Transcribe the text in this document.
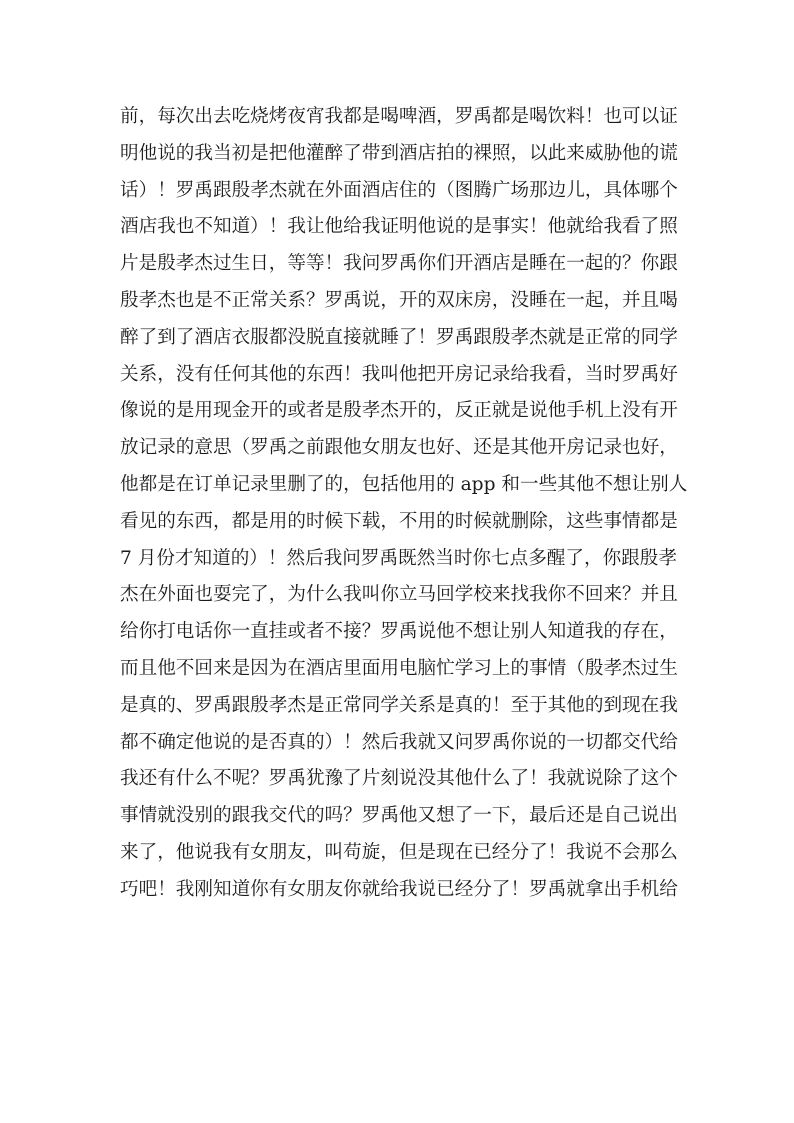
前，每次出去吃烧烤夜宵我都是喝啤酒，罗禹都是喝饮料！也可以证
明他说的我当初是把他灌醉了带到酒店拍的裸照，以此来威胁他的谎
话）！罗禹跟殷孝杰就在外面酒店住的（图腾广场那边儿，具体哪个
酒店我也不知道）！我让他给我证明他说的是事实！他就给我看了照
片是殷孝杰过生日，等等！我问罗禹你们开酒店是睡在一起的？你跟
殷孝杰也是不正常关系？罗禹说，开的双床房，没睡在一起，并且喝
醉了到了酒店衣服都没脱直接就睡了！罗禹跟殷孝杰就是正常的同学
关系，没有任何其他的东西！我叫他把开房记录给我看，当时罗禹好
像说的是用现金开的或者是殷孝杰开的，反正就是说他手机上没有开
放记录的意思（罗禹之前跟他女朋友也好、还是其他开房记录也好，
他都是在订单记录里删了的，包括他用的 app 和一些其他不想让别人
看见的东西，都是用的时候下载，不用的时候就删除，这些事情都是
7 月份才知道的）！然后我问罗禹既然当时你七点多醒了，你跟殷孝
杰在外面也耍完了，为什么我叫你立马回学校来找我你不回来？并且
给你打电话你一直挂或者不接？罗禹说他不想让别人知道我的存在，
而且他不回来是因为在酒店里面用电脑忙学习上的事情（殷孝杰过生
是真的、罗禹跟殷孝杰是正常同学关系是真的！至于其他的到现在我
都不确定他说的是否真的）！然后我就又问罗禹你说的一切都交代给
我还有什么不呢？罗禹犹豫了片刻说没其他什么了！我就说除了这个
事情就没别的跟我交代的吗？罗禹他又想了一下，最后还是自己说出
来了，他说我有女朋友，叫苟旋，但是现在已经分了！我说不会那么
巧吧！我刚知道你有女朋友你就给我说已经分了！罗禹就拿出手机给
